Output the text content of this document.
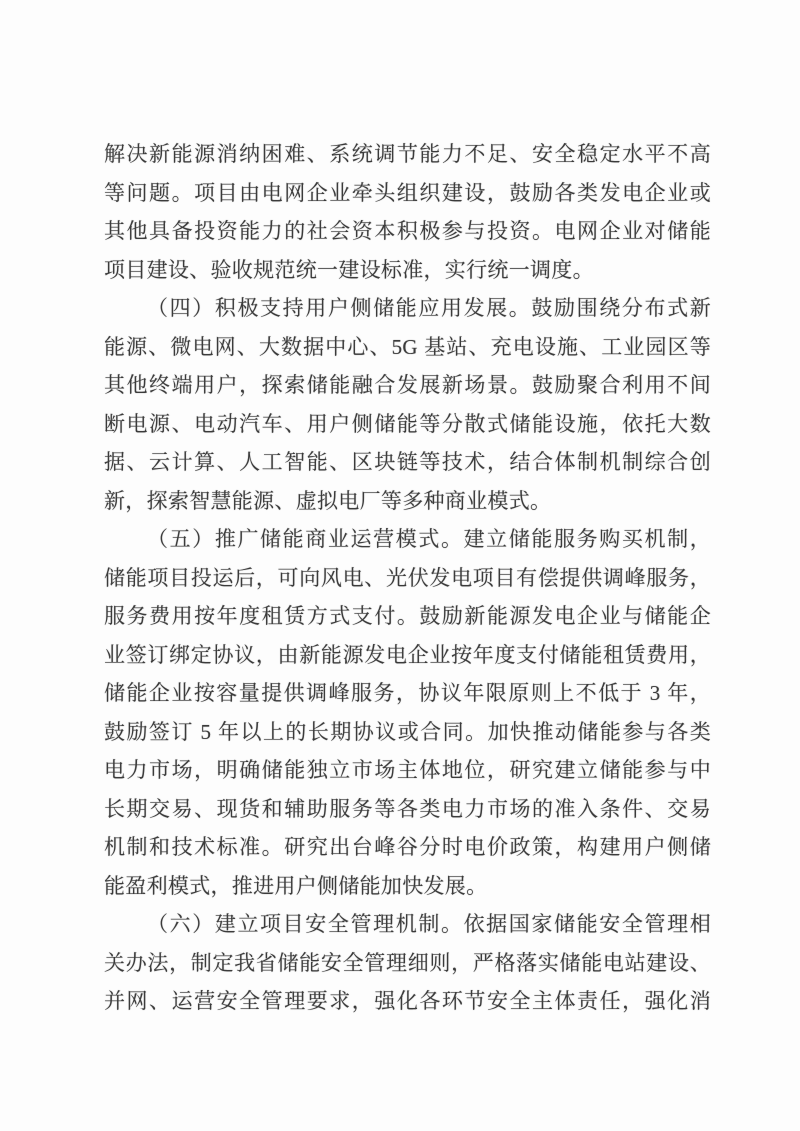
解决新能源消纳困难、系统调节能力不足、安全稳定水平不高
等问题。项目由电网企业牵头组织建设，鼓励各类发电企业或
其他具备投资能力的社会资本积极参与投资。电网企业对储能
项目建设、验收规范统一建设标准，实行统一调度。
（四）积极支持用户侧储能应用发展。鼓励围绕分布式新
能源、微电网、大数据中心、5G 基站、充电设施、工业园区等
其他终端用户，探索储能融合发展新场景。鼓励聚合利用不间
断电源、电动汽车、用户侧储能等分散式储能设施，依托大数
据、云计算、人工智能、区块链等技术，结合体制机制综合创
新，探索智慧能源、虚拟电厂等多种商业模式。
（五）推广储能商业运营模式。建立储能服务购买机制，
储能项目投运后，可向风电、光伏发电项目有偿提供调峰服务，
服务费用按年度租赁方式支付。鼓励新能源发电企业与储能企
业签订绑定协议，由新能源发电企业按年度支付储能租赁费用，
储能企业按容量提供调峰服务，协议年限原则上不低于 3 年，
鼓励签订 5 年以上的长期协议或合同。加快推动储能参与各类
电力市场，明确储能独立市场主体地位，研究建立储能参与中
长期交易、现货和辅助服务等各类电力市场的准入条件、交易
机制和技术标准。研究出台峰谷分时电价政策，构建用户侧储
能盈利模式，推进用户侧储能加快发展。
（六）建立项目安全管理机制。依据国家储能安全管理相
关办法，制定我省储能安全管理细则，严格落实储能电站建设、
并网、运营安全管理要求，强化各环节安全主体责任，强化消
